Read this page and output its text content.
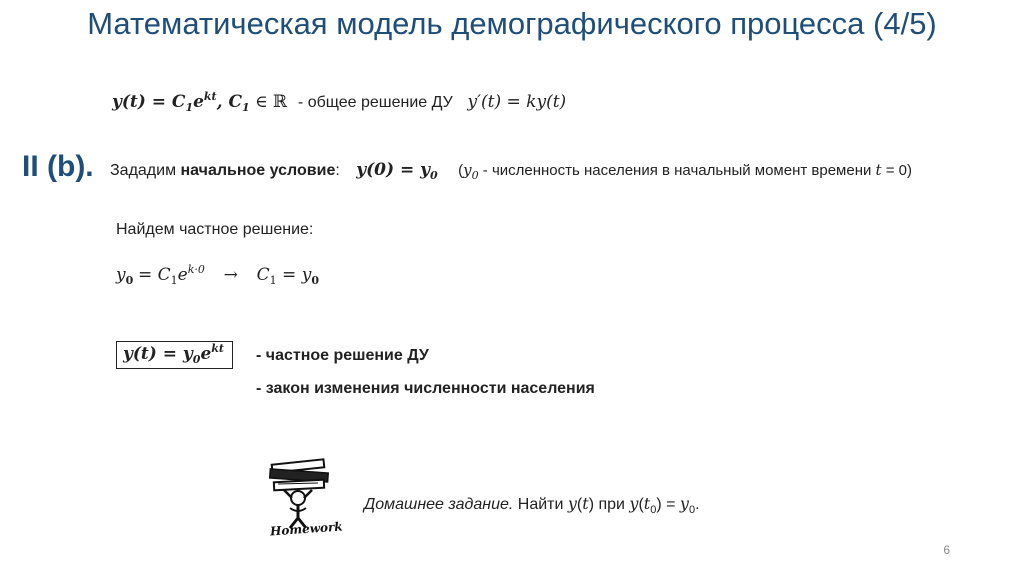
Математическая модель демографического процесса (4/5)
$y(t) = C_1e^{kt}$, $C_1$ ∈ ℝ - общее решение ДУ y′(t) = ky(t)
II (b). Зададим начальное условие: $y(0) = y_0$ ($y_0$ - численность населения в начальный момент времени t = 0)
Найдем частное решение:
$y_0 = C_1e^{k\cdot 0} \to C_1 = y_0$
$y(t) = y_0e^{kt}$	- частное решение ДУ
- закон изменения численности населения
Homework
Домашнее задание. Найти y(t) при $y(t_0) = y_0$.
6
